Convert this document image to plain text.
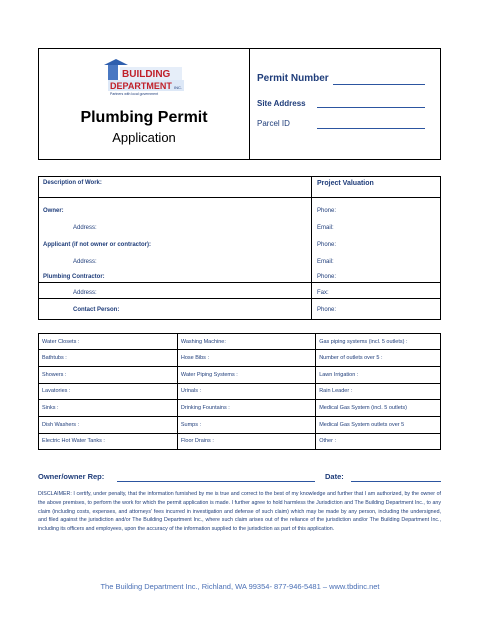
BUILDING
DEPARTMENT INC.
Partners with local government
Plumbing Permit
Application
Permit Number
Site Address
Parcel ID
Description of Work:	Project Valuation
Owner:	Phone:
Address:	Email:
Applicant (if not owner or contractor):	Phone:
Address:	Email:
Plumbing Contractor:	Phone:
Address:	Fax:
Contact Person:	Phone:
Water Closets :	Washing Machine:	Gas piping systems (incl. 5 outlets) :
Bathtubs :	Hose Bibs :	Number of outlets over 5 :
Showers :	Water Piping Systems :	Lawn Irrigation :
Lavatories :	Urinals :	Rain Leader :
Sinks :	Drinking Fountains :	Medical Gas System (incl. 5 outlets)
Dish Washers :	Sumps :	Medical Gas System outlets over 5
Electric Hot Water Tanks :	Floor Drains :	Other :
Owner/owner Rep:	Date:
DISCLAIMER: I certify, under penalty, that the information furnished by me is true and correct to the best of my knowledge and further that I am authorized, by the owner of the above premises, to perform the work for which the permit application is made. I further agree to hold harmless the Jurisdiction and The Building Department Inc., to any claim (including costs, expenses, and attorneys' fees incurred in investigation and defense of such claim) which may be made by any person, including the undersigned, and filed against the jurisdiction and/or The Building Department Inc., where such claim arises out of the reliance of the jurisdiction and/or The Building Department Inc., including its officers and employees, upon the accuracy of the information supplied to the jurisdiction as part of this application.
The Building Department Inc., Richland, WA 99354- 877-946-5481 – www.tbdinc.net
